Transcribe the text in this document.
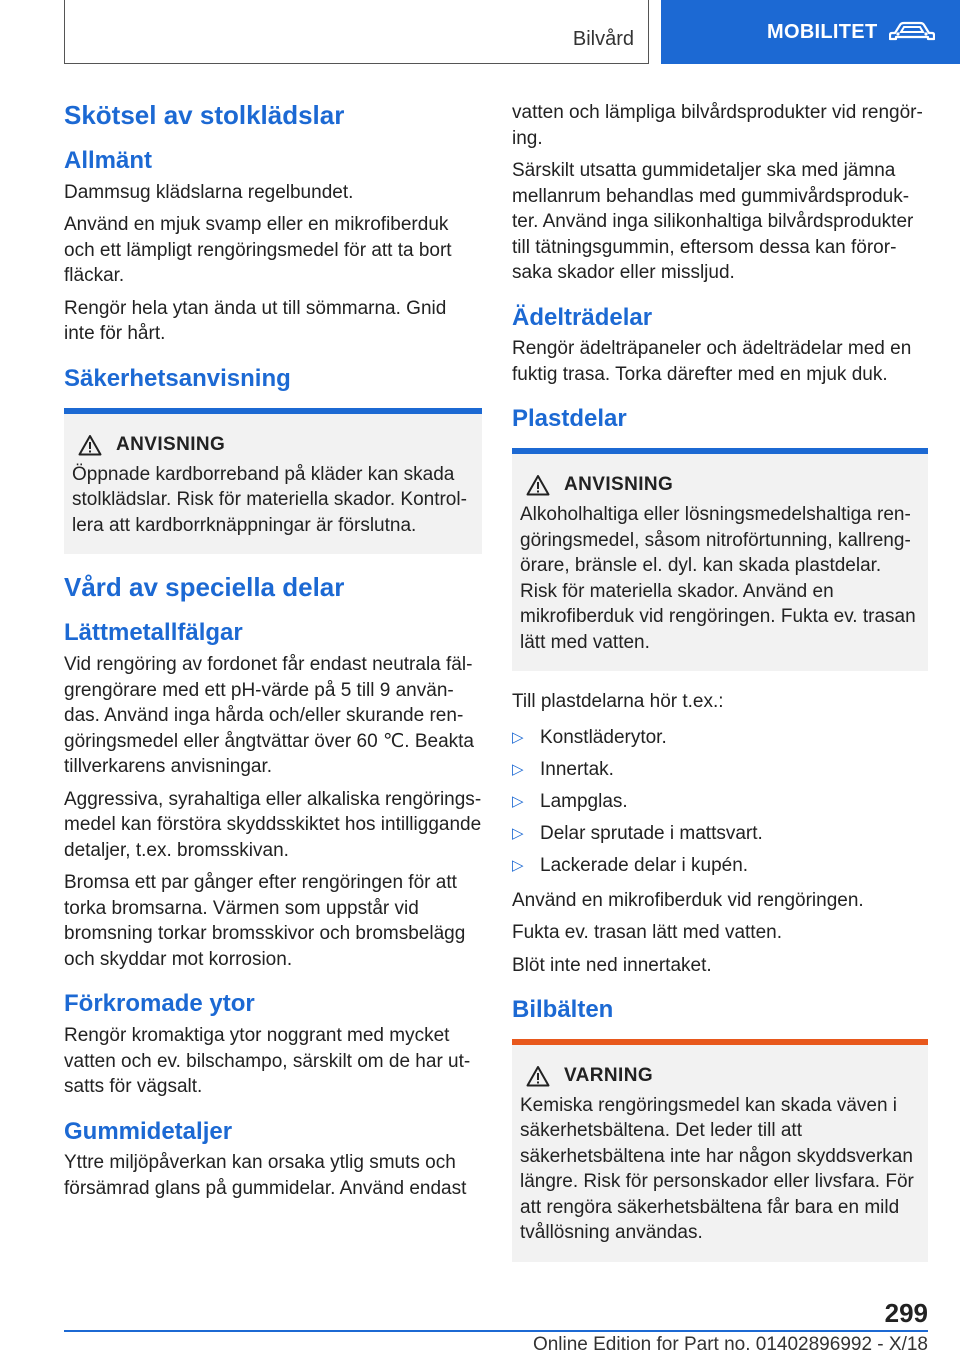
Bilvård	MOBILITET
Skötsel av stolklädslar
Allmänt

Dammsug klädslarna regelbundet.

Använd en mjuk svamp eller en mikrofiberduk och ett lämpligt rengöringsmedel för att ta bort fläckar.

Rengör hela ytan ända ut till sömmarna. Gnid inte för hårt.

Säkerhetsanvisning
ANVISNING

Öppnade kardborreband på kläder kan skada stolklädslar. Risk för materiella skador. Kontrollera att kardborrknäppningar är förslutna.

Vård av speciella delar
Lättmetallfälgar

Vid rengöring av fordonet får endast neutrala fälgrengörare med ett pH-värde på 5 till 9 användas. Använd inga hårda och/eller skurande rengöringsmedel eller ångtvättar över 60 ℃. Beakta tillverkarens anvisningar.

Aggressiva, syrahaltiga eller alkaliska rengöringsmedel kan förstöra skyddsskiktet hos intilliggande detaljer, t.ex. bromsskivan.

Bromsa ett par gånger efter rengöringen för att torka bromsarna. Värmen som uppstår vid bromsning torkar bromsskivor och bromsbelägg och skyddar mot korrosion.

Förkromade ytor

Rengör kromaktiga ytor noggrant med mycket vatten och ev. bilschampo, särskilt om de har utsatts för vägsalt.

Gummidetaljer

Yttre miljöpåverkan kan orsaka ytlig smuts och försämrad glans på gummidelar. Använd endast

vatten och lämpliga bilvårdsprodukter vid rengöring.

Särskilt utsatta gummidetaljer ska med jämna mellanrum behandlas med gummivårdsprodukter. Använd inga silikonhaltiga bilvårdsprodukter till tätningsgummin, eftersom dessa kan förorsaka skador eller missljud.

Ädelträdelar

Rengör ädelträpaneler och ädelträdelar med en fuktig trasa. Torka därefter med en mjuk duk.

Plastdelar
ANVISNING

Alkoholhaltiga eller lösningsmedelshaltiga rengöringsmedel, såsom nitroförtunning, kallrengörare, bränsle el. dyl. kan skada plastdelar. Risk för materiella skador. Använd en mikrofiberduk vid rengöringen. Fukta ev. trasan lätt med vatten.

Till plastdelarna hör t.ex.:

▷ Konstläderytor.
▷ Innertak.
▷ Lampglas.
▷ Delar sprutade i mattsvart.
▷ Lackerade delar i kupén.

Använd en mikrofiberduk vid rengöringen.

Fukta ev. trasan lätt med vatten.

Blöt inte ned innertaket.

Bilbälten
VARNING

Kemiska rengöringsmedel kan skada väven i säkerhetsbältena. Det leder till att säkerhetsbältena inte har någon skyddsverkan längre. Risk för personskador eller livsfara. För att rengöra säkerhetsbältena får bara en mild tvållösning användas.

299
Online Edition for Part no. 01402896992 - X/18
